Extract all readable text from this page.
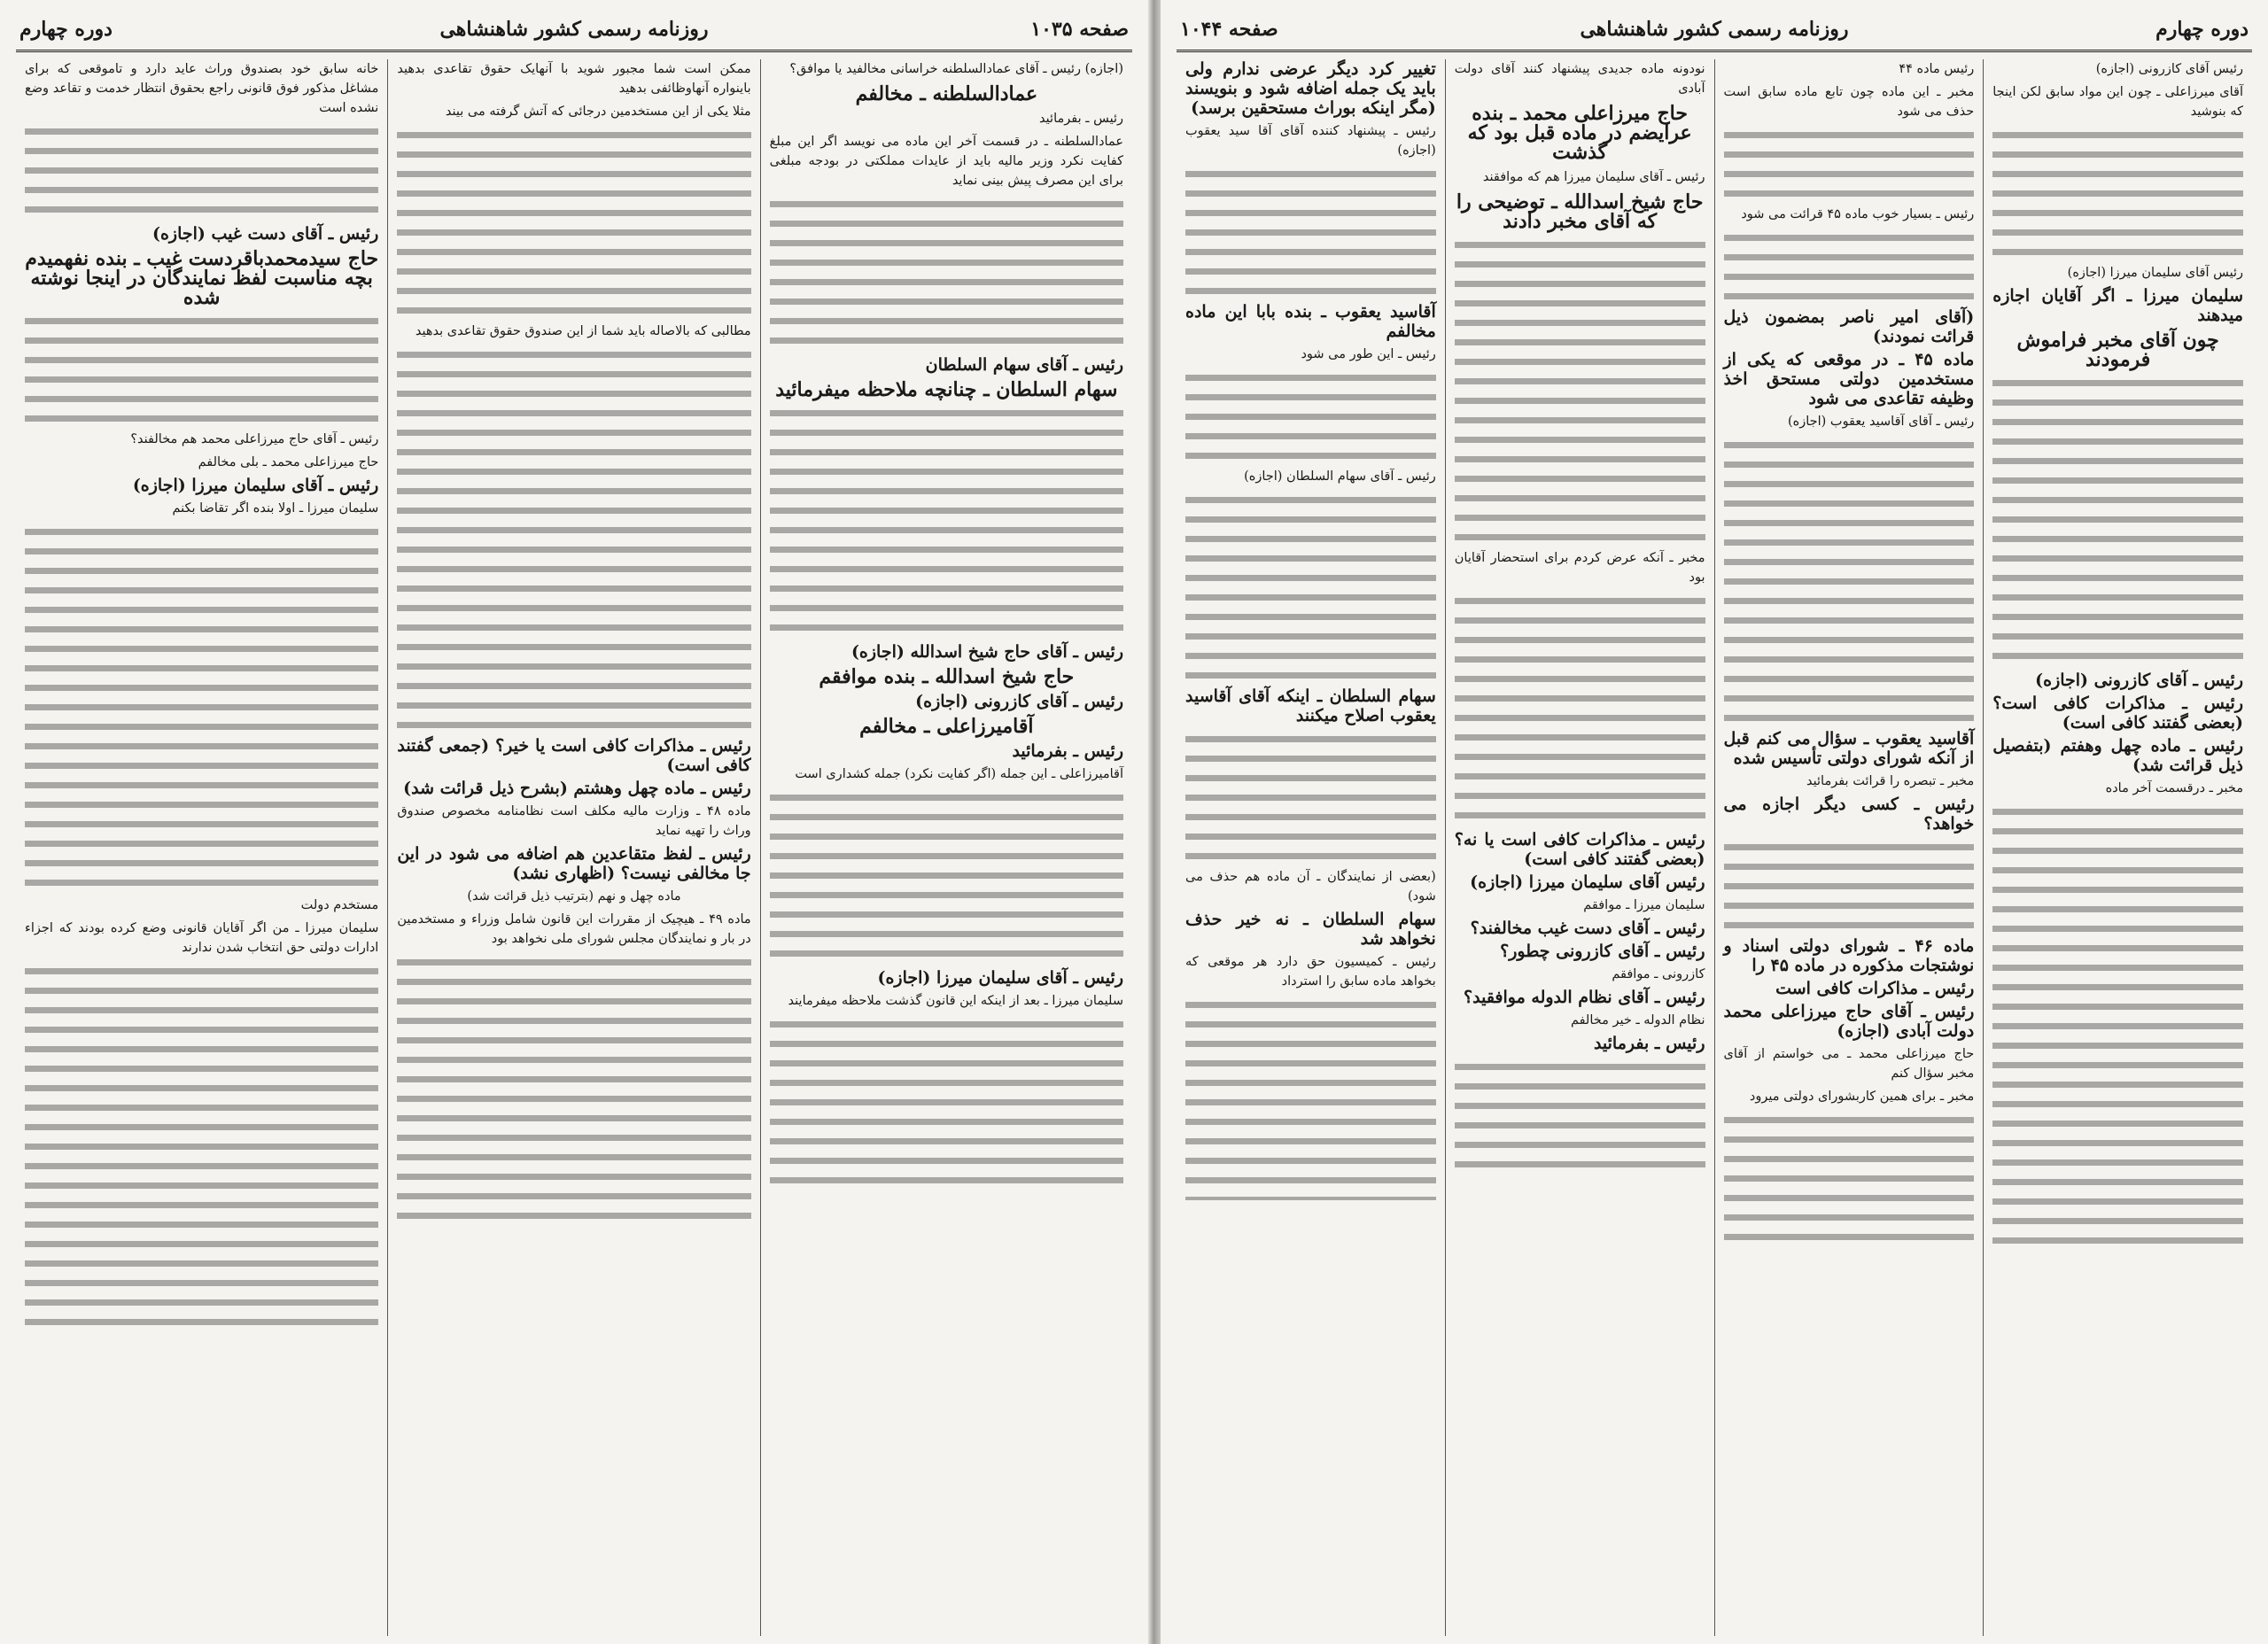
صفحه ۱۰۳۵
روزنامه رسمی کشور شاهنشاهی
دوره چهارم

(اجازه) رئیس ـ آقای عمادالسلطنه خراسانی مخالفید یا موافق؟

عمادالسلطنه ـ مخالفم

رئیس ـ بفرمائید

عمادالسلطنه ـ در قسمت آخر این ماده می نویسد اگر این مبلغ کفایت نکرد وزیر مالیه باید از عایدات مملکتی در بودجه مبلغی برای این مصرف پیش بینی نماید

رئیس ـ آقای سهام السلطان
سهام السلطان ـ چنانچه ملاحظه میفرمائید
رئیس ـ آقای حاج شیخ اسدالله (اجازه)
حاج شیخ اسدالله ـ بنده موافقم
رئیس ـ آقای کازرونی (اجازه)
آقامیرزاعلی ـ مخالفم
رئیس ـ بفرمائید

آقامیرزاعلی ـ این جمله (اگر کفایت نکرد) جمله کشداری است

رئیس ـ آقای سلیمان میرزا (اجازه)

سلیمان میرزا ـ بعد از اینکه این قانون گذشت ملاحظه میفرمایند

ممکن است شما مجبور شوید با آنهایک حقوق تقاعدی بدهید باینواره آنهاوظائفی بدهید

مثلا یکی از این مستخدمین درجائی که آتش گرفته می بیند

مطالبی که بالاصاله باید شما از این صندوق حقوق تقاعدی بدهید

رئیس ـ مذاکرات کافی است یا خیر؟ (جمعی گفتند کافی است)

رئیس ـ ماده چهل وهشتم (بشرح ذیل قرائت شد)

ماده ۴۸ ـ وزارت مالیه مکلف است نظامنامه مخصوص صندوق وراث را تهیه نماید

رئیس ـ لفظ متقاعدین هم اضافه می شود در این جا مخالفی نیست؟ (اظهاری نشد)

ماده چهل و نهم (بترتیب ذیل قرائت شد)

ماده ۴۹ ـ هیچیک از مقررات این قانون شامل وزراء و مستخدمین در بار و نمایندگان مجلس شورای ملی نخواهد بود

خانه سابق خود بصندوق وراث عاید دارد و تاموقعی که برای مشاغل مذکور فوق قانونی راجع بحقوق انتظار خدمت و تقاعد وضع نشده است

رئیس ـ آقای دست غیب (اجازه)
حاج سیدمحمدباقردست غیب ـ بنده نفهمیدم بچه مناسبت لفظ نمایندگان در اینجا نوشته شده

رئیس ـ آقای حاج میرزاعلی محمد هم مخالفند؟

حاج میرزاعلی محمد ـ بلی مخالفم

رئیس ـ آقای سلیمان میرزا (اجازه)

سلیمان میرزا ـ اولا بنده اگر تقاضا بکنم

مستخدم دولت

سلیمان میرزا ـ من اگر آقایان قانونی وضع کرده بودند که اجزاء ادارات دولتی حق انتخاب شدن ندارند

دوره چهارم
روزنامه رسمی کشور شاهنشاهی
صفحه ۱۰۴۴

رئیس آقای کازرونی (اجازه)

آقای میرزاعلی ـ چون این مواد سابق لکن اینجا که بنوشید

رئیس آقای سلیمان میرزا (اجازه)

سلیمان میرزا ـ اگر آقایان اجازه میدهند
چون آقای مخبر فراموش فرمودند
رئیس ـ آقای کازرونی (اجازه)

رئیس ـ مذاکرات کافی است؟ (بعضی گفتند کافی است)

رئیس ـ ماده چهل وهفتم (بتفصیل ذیل قرائت شد)

مخبر ـ درقسمت آخر ماده

رئیس ماده ۴۴

مخبر ـ این ماده چون تابع ماده سابق است حذف می شود

رئیس ـ بسیار خوب ماده ۴۵ قرائت می شود

(آقای امیر ناصر بمضمون ذیل قرائت نمودند)

ماده ۴۵ ـ در موقعی که یکی از مستخدمین دولتی مستحق اخذ وظیفه تقاعدی می شود

رئیس ـ آقای آقاسید یعقوب (اجازه)

آقاسید یعقوب ـ سؤال می کنم قبل از آنکه شورای دولتی تأسیس شده

مخبر ـ تبصره را قرائت بفرمائید

رئیس ـ کسی دیگر اجازه می خواهد؟

ماده ۴۶ ـ شورای دولتی اسناد و نوشتجات مذکوره در ماده ۴۵ را

رئیس ـ مذاکرات کافی است

رئیس ـ آقای حاج میرزاعلی محمد دولت آبادی (اجازه)

حاج میرزاعلی محمد ـ می خواستم از آقای مخبر سؤال کنم

مخبر ـ برای همین کاربشورای دولتی میرود

نودونه ماده جدیدی پیشنهاد کنند آقای دولت آبادی

حاج میرزاعلی محمد ـ بنده عرایضم در ماده قبل بود که گذشت

رئیس ـ آقای سلیمان میرزا هم که موافقند

حاج شیخ اسدالله ـ توضیحی را که آقای مخبر دادند

مخبر ـ آنکه عرض کردم برای استحضار آقایان بود

رئیس ـ مذاکرات کافی است یا نه؟ (بعضی گفتند کافی است)

رئیس آقای سلیمان میرزا (اجازه)

سلیمان میرزا ـ موافقم

رئیس ـ آقای دست غیب مخالفند؟

رئیس ـ آقای کازرونی چطور؟

کازرونی ـ موافقم

رئیس ـ آقای نظام الدوله موافقید؟

نظام الدوله ـ خیر مخالفم

رئیس ـ بفرمائید

تغییر کرد دیگر عرضی ندارم ولی باید یک جمله اضافه شود و بنویسند (مگر اینکه بوراث مستحقین برسد)

رئیس ـ پیشنهاد کننده آقای آقا سید یعقوب (اجازه)

آقاسید یعقوب ـ بنده بابا این ماده مخالفم

رئیس ـ این طور می شود

رئیس ـ آقای سهام السلطان (اجازه)

سهام السلطان ـ اینکه آقای آقاسید یعقوب اصلاح میکنند

(بعضی از نمایندگان ـ آن ماده هم حذف می شود)

سهام السلطان ـ نه خیر حذف نخواهد شد

رئیس ـ کمیسیون حق دارد هر موقعی که بخواهد ماده سابق را استرداد
